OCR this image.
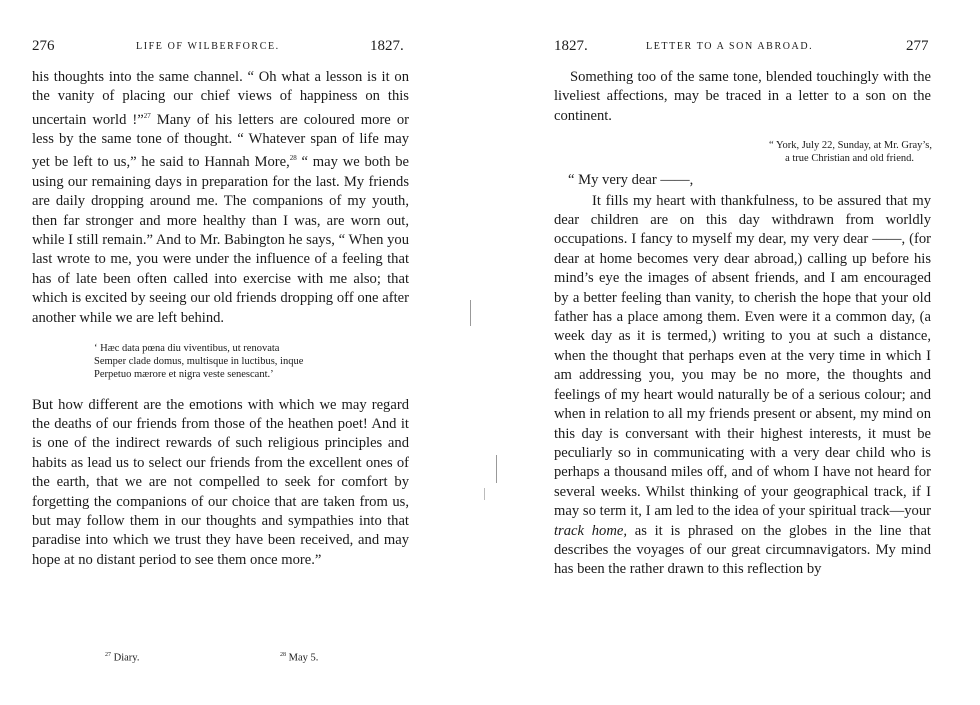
276	LIFE OF WILBERFORCE.	1827.

his thoughts into the same channel. “ Oh what a lesson is it on the vanity of placing our chief views of happiness on this uncertain world !”$^{27}$ Many of his letters are coloured more or less by the same tone of thought. “ Whatever span of life may yet be left to us,” he said to Hannah More,$^{28}$ “ may we both be using our remaining days in preparation for the last. My friends are daily dropping around me. The companions of my youth, then far stronger and more healthy than I was, are worn out, while I still remain.” And to Mr. Babington he says, “ When you last wrote to me, you were under the influence of a feeling that has of late been often called into exercise with me also; that which is excited by seeing our old friends dropping off one after another while we are left behind.

‘ Hæc data pœna diu viventibus, ut renovata
Semper clade domus, multisque in luctibus, inque
Perpetuo mærore et nigra veste senescant.’

But how different are the emotions with which we may regard the deaths of our friends from those of the heathen poet! And it is one of the indirect rewards of such religious principles and habits as lead us to select our friends from the excellent ones of the earth, that we are not compelled to seek for comfort by forgetting the companions of our choice that are taken from us, but may follow them in our thoughts and sympathies into that paradise into which we trust they have been received, and may hope at no distant period to see them once more.”

$^{27}$ Diary.	$^{28}$ May 5.
1827.	LETTER TO A SON ABROAD.	277

Something too of the same tone, blended touchingly with the liveliest affections, may be traced in a letter to a son on the continent.

“ York, July 22, Sunday, at Mr. Gray’s,
a true Christian and old friend.
“ My very dear ——,

It fills my heart with thankfulness, to be assured that my dear children are on this day withdrawn from worldly occupations. I fancy to myself my dear, my very dear ——, (for dear at home becomes very dear abroad,) calling up before his mind’s eye the images of absent friends, and I am encouraged by a better feeling than vanity, to cherish the hope that your old father has a place among them. Even were it a common day, (a week day as it is termed,) writing to you at such a distance, when the thought that perhaps even at the very time in which I am addressing you, you may be no more, the thoughts and feelings of my heart would naturally be of a serious colour; and when in relation to all my friends present or absent, my mind on this day is conversant with their highest interests, it must be peculiarly so in communicating with a very dear child who is perhaps a thousand miles off, and of whom I have not heard for several weeks. Whilst thinking of your geographical track, if I may so term it, I am led to the idea of your spiritual track—your track home, as it is phrased on the globes in the line that describes the voyages of our great circumnavigators. My mind has been the rather drawn to this reflection by
